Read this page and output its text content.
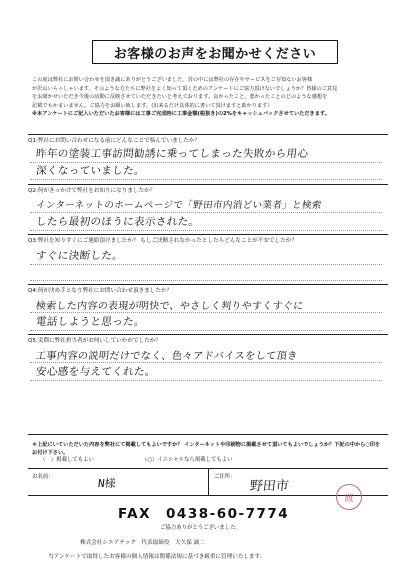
お客様のお声をお聞かせください

この度は弊社にお問い合わせを頂き誠にありがとうございました。昔の中には弊社の存在やサービスをご存知ないお客様

が沢山いらっしゃいます。そのような方たちに弊社をよく知って頂くためのアンケートにご協力頂けないでしょうか？皆様のご意見

をお聞かせいただき今後の活動に反映させていただきたいと考えております。良かったこと、悪かったことのどのような感想を

記載でもかまいません。ご協力をお願い致します。(出来るだけ具体的に書いて頂けますと助かります）

※本アンケートにご記入いただいたお客様には工事ご完成時に工事金額(税抜き)の2%をキャッシュバックさせていただきます。

Q1:弊社にお問い合わせになる前にどんなことで悩んでいましたか？
昨年の塗装工事訪問勧誘に乗ってしまった失敗から用心
深くなっていました。
Q2:何がきっかけで弊社をお知りになりましたか？
インターネットのホームページで「野田市内消どい業者」と検索
したら最初のほうに表示された。
Q3:弊社を知りすぐにご連絡頂けましたか？ もしご決断されなかったとしたらどんなことが不安でしたか？
すぐに決断した。
Q4:何が決め手となり弊社にお問い合わせ頂きましたか？
検索した内容の表現が明快で、やさしく判りやすくすぐに
電話しようと思った。
Q5:実際に弊社担当者がお伺いしていかがでしたか？
工事内容の説明だけでなく、色々アドバイスをして頂き
安心感を与えてくれた。
＊上記にいていただいた内容を弊社にて掲載してもよいですか？ インターネットや印刷物に掲載させて頂いてもよいでしょうか？下記の中から○印を
お付け下さい。
（　）掲載してもよい	（○）イニシャルなら掲載してもよい
お名前：	N様	ご住所：
野田市
FAX　0438-60-7774
渡
ご協力ありがとうございました。
株式会社シエアテック　代表取締役　大久保 誠二
当アンケートで取得したお客様の個人情報は関係法規に基づき厳重に管理いたします。
